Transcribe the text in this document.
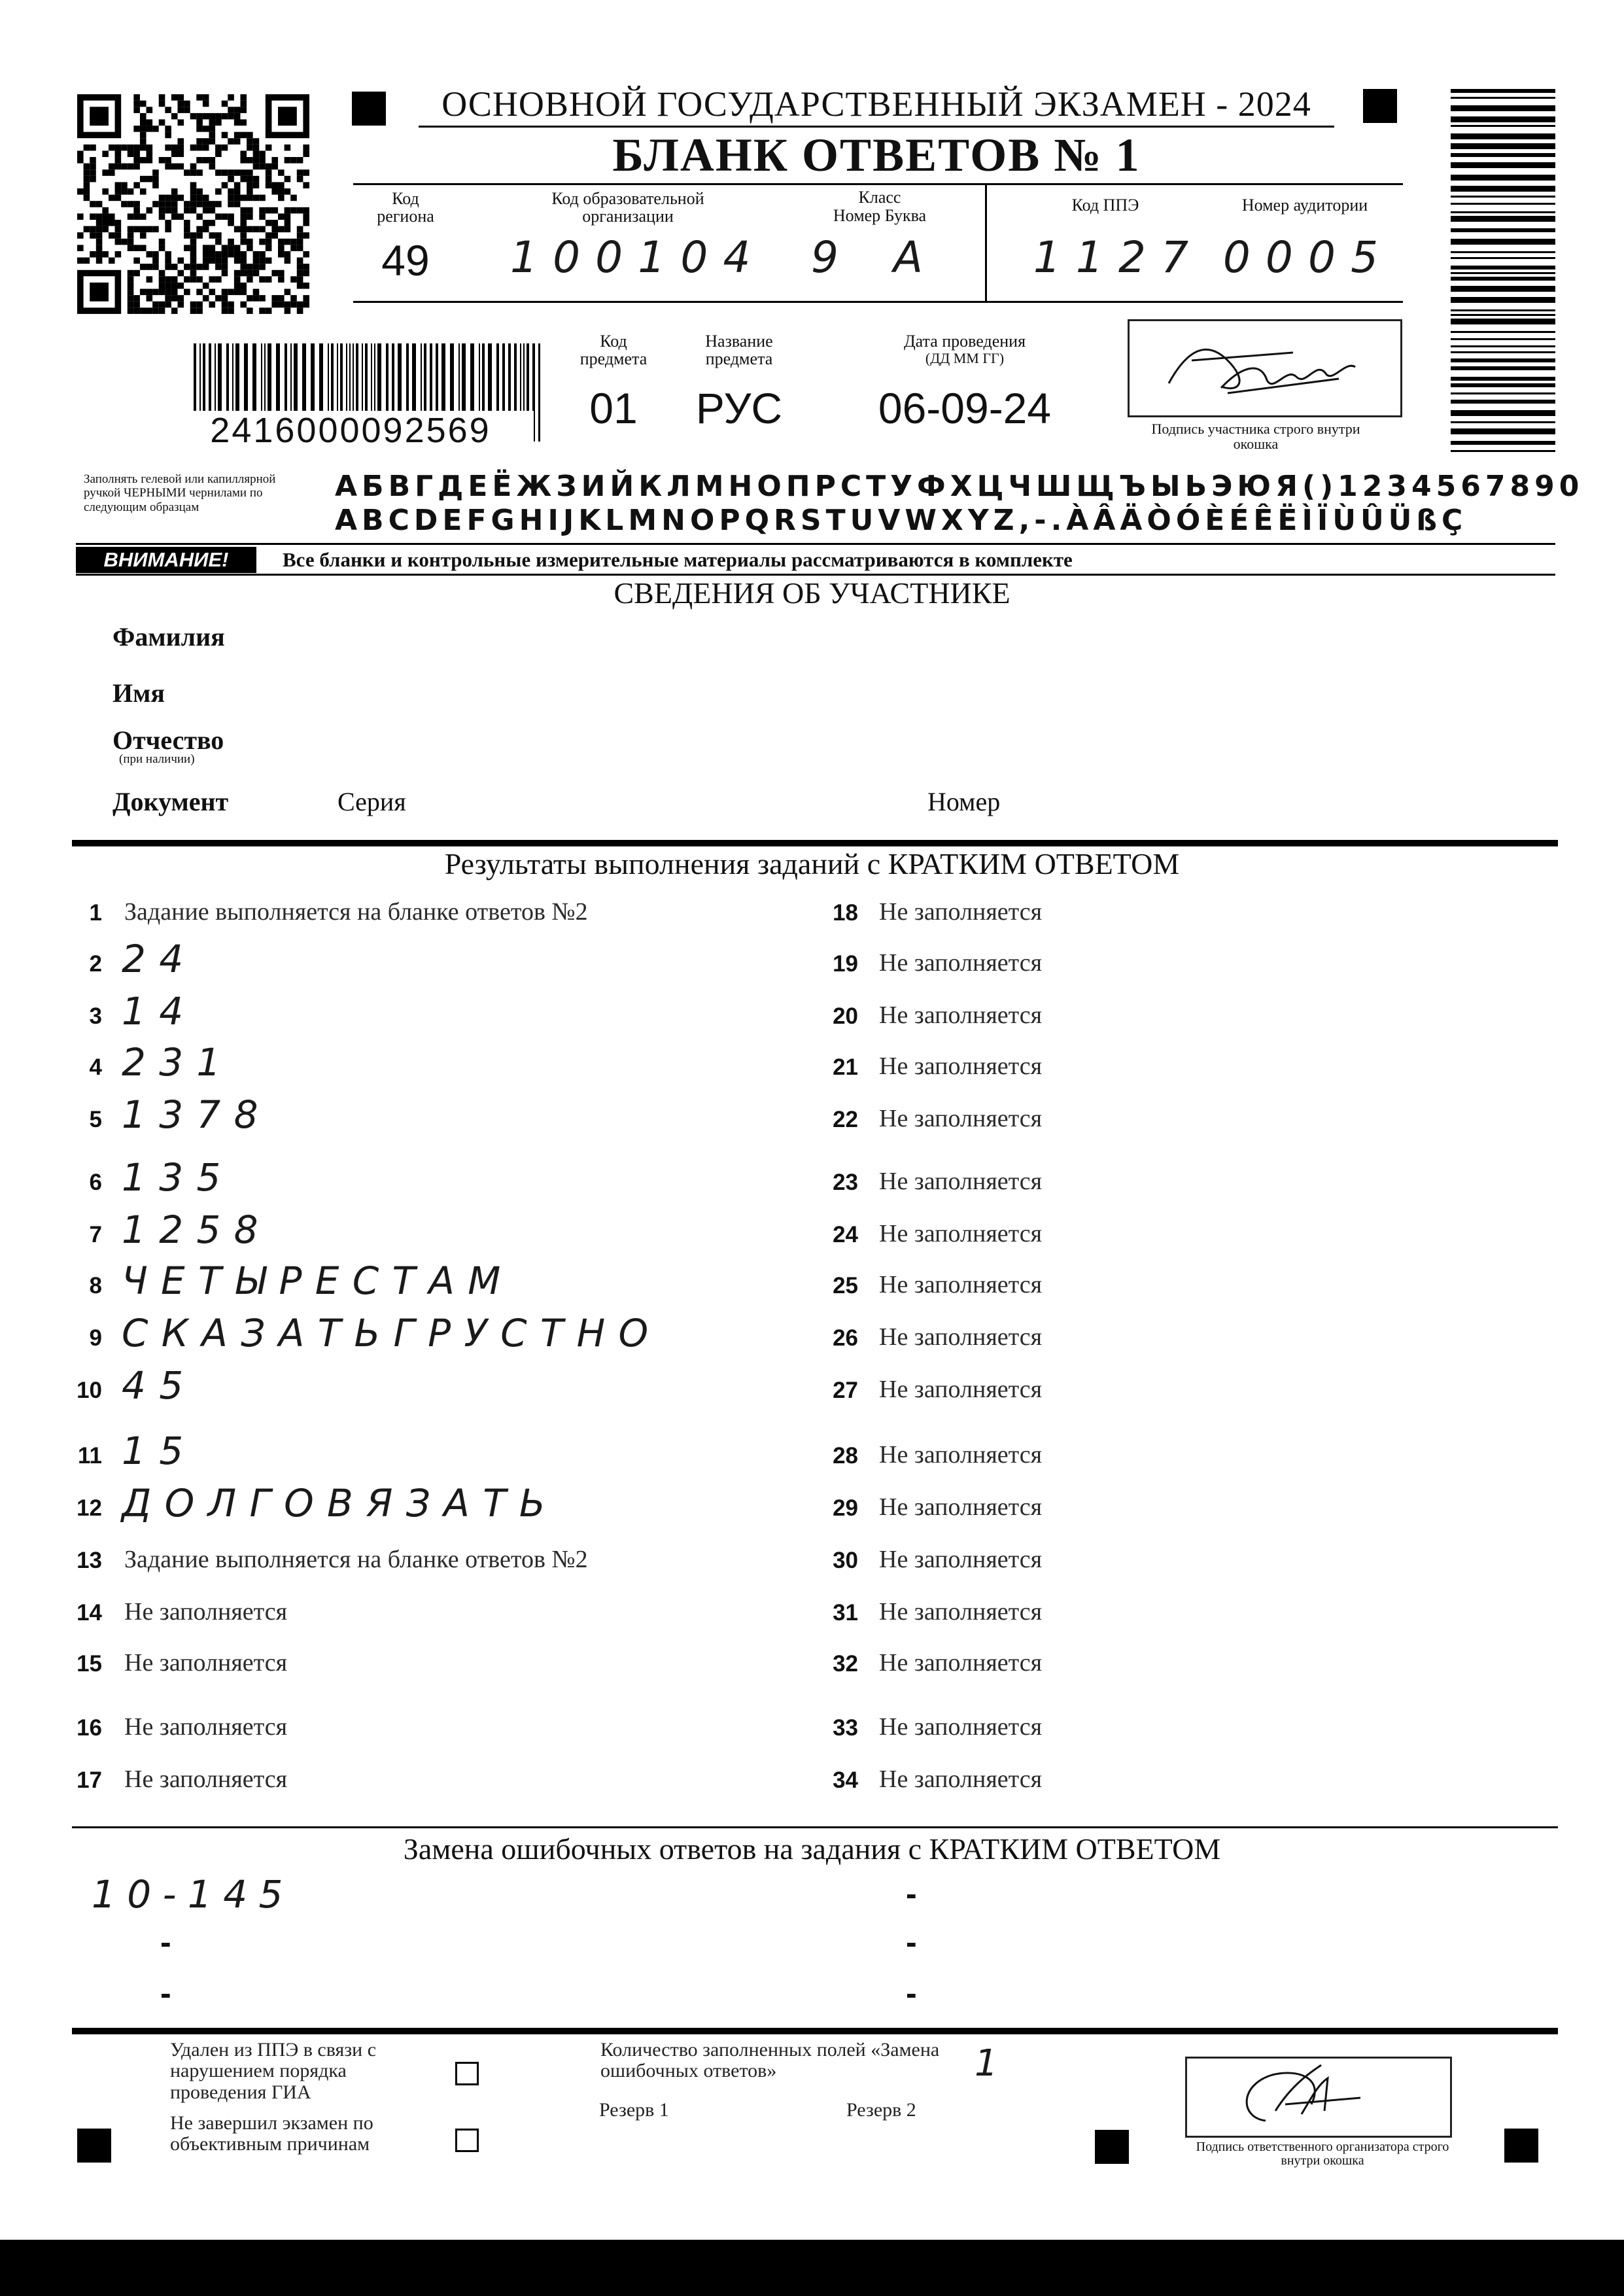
ОСНОВНОЙ ГОСУДАРСТВЕННЫЙ ЭКЗАМЕН - 2024
БЛАНК ОТВЕТОВ № 1
Код региона
49
Код образовательной организации
100104
Класс
Номер Буква
9 А
Код ППЭ
1127
Номер аудитории
0005
2416000092569
Код предмета
01
Название предмета
РУС
Дата проведения
(ДД ММ ГГ)
06-09-24	Подпись участника строго внутри окошка
Заполнять гелевой или капиллярной ручкой ЧЕРНЫМИ чернилами по следующим образцам
АБВГДЕЁЖЗИЙКЛМНОПРСТУФХЦЧШЩЪЫЬЭЮЯ()1234567890
ABCDEFGHIJKLMNOPQRSTUVWXYZ,-.ÀÂÄÒÓÈÉÊËÌÏÙÛÜßÇ
ВНИМАНИЕ!	Все бланки и контрольные измерительные материалы рассматриваются в комплекте
СВЕДЕНИЯ ОБ УЧАСТНИКЕ
Фамилия
Имя
Отчество
(при наличии)
Документ	Серия	Номер
Результаты выполнения заданий с КРАТКИМ ОТВЕТОМ
1 Задание выполняется на бланке ответов №2
2 24
3 14
4 231
5 1378
6 135
7 1258
8 ЧЕТЫРЕСТАМ
9 СКАЗАТЬГРУСТНО
10 45
11 15
12 ДОЛГОВЯЗАТЬ
13 Задание выполняется на бланке ответов №2
14 Не заполняется
15 Не заполняется
16 Не заполняется
17 Не заполняется
18 Не заполняется
19 Не заполняется
20 Не заполняется
21 Не заполняется
22 Не заполняется
23 Не заполняется
24 Не заполняется
25 Не заполняется
26 Не заполняется
27 Не заполняется
28 Не заполняется
29 Не заполняется
30 Не заполняется
31 Не заполняется
32 Не заполняется
33 Не заполняется
34 Не заполняется
Замена ошибочных ответов на задания с КРАТКИМ ОТВЕТОМ
10-145
-
-
-
-
-
Удален из ППЭ в связи с нарушением порядка проведения ГИА
Не завершил экзамен по объективным причинам
Количество заполненных полей «Замена ошибочных ответов»	1
Резерв 1	Резерв 2
Подпись ответственного организатора строго внутри окошка
